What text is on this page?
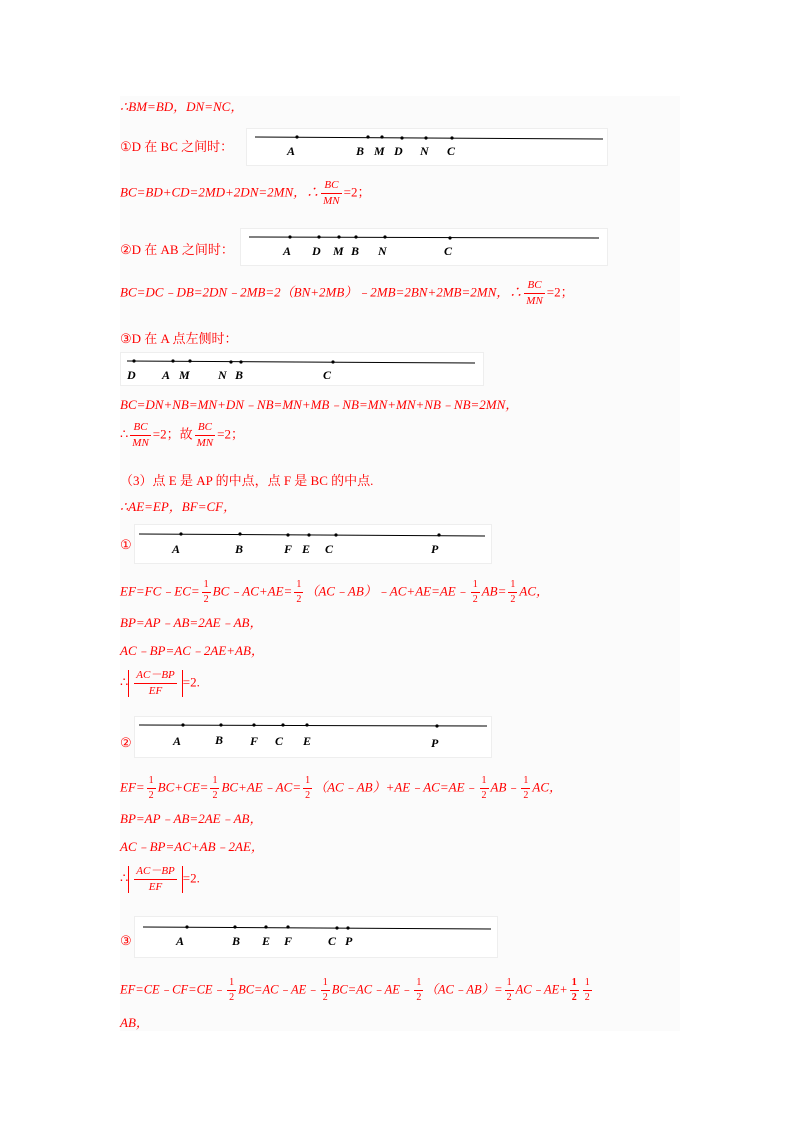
∴BM=BD，DN=NC，
①D 在 BC 之间时：	A	B M D N C
BC=BD+CD=2MD+2DN=2MN，∴ $\frac{BC}{MN} =2$；
②D 在 AB 之间时：	A D M B N	C
BC=DC﹣DB=2DN﹣2MB=2（BN+2MB）﹣2MB=2BN+2MB=2MN，∴ $\frac{BC}{MN} =2$；
③D 在 A 点左侧时：
D A M N B	C
BC=DN+NB=MN+DN﹣NB=MN+MB﹣NB=MN+MN+NB﹣NB=2MN，
∴ $\frac{BC}{MN} =2$；故 $\frac{BC}{MN} =2$；
（3）点 E 是 AP 的中点，点 F 是 BC 的中点.
∴AE=EP，BF=CF，
①	A	B	F E C	P
EF=FC﹣EC= $\frac{1}{2}$ BC﹣AC+AE= $\frac{1}{2}$ （AC﹣AB）﹣AC+AE=AE﹣ $\frac{1}{2} AB= \frac{1}{2}$ AC，
BP=AP﹣AB=2AE﹣AB，
AC﹣BP=AC﹣2AE+AB，
∴ $\frac{AC-BP}{EF} =2$.
②	A	B F C E	P
$EF= \frac{1}{2} BC+CE= \frac{1}{2}$ BC+AE﹣AC= $\frac{1}{2}$ （AC﹣AB）+AE﹣AC=AE﹣ $\frac{1}{2}$ AB﹣ $\frac{1}{2}$ AC，
BP=AP﹣AB=2AE﹣AB，
AC﹣BP=AC+AB﹣2AE，
∴ $\frac{AC-BP}{EF} =2$.
③	A	B E F	C P
EF=CE﹣CF=CE﹣ $\frac{1}{2}$ BC=AC﹣AE﹣ $\frac{1}{2}$ BC=AC﹣AE﹣ $\frac{1}{2}$ （AC﹣AB）= $\frac{1}{2}$ AC﹣AE+ $\frac{1}{2} \frac{1}{2}$
AB，
